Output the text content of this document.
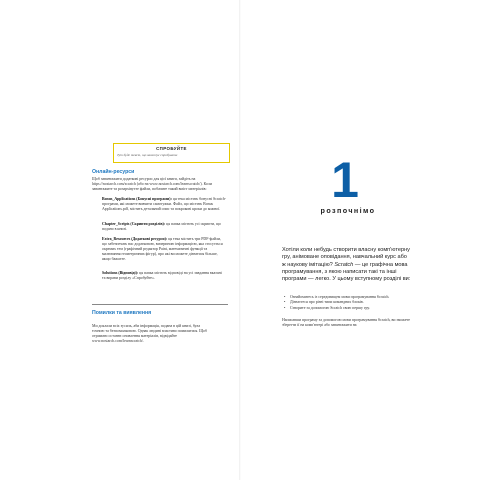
СПРОБУЙТЕ
Тут буде текст, що заохочує спробувати
Онлайн-ресурси

Щоб завантажити додаткові ресурси для цієї книги, зайдіть на https://nostarch.com/scratch (або на www.nostarch.com/learnscratch/). Коли завантажите та розархівуєте файли, побачите такий вміст матеріалів:

Bonus_Applications (Бонусні програми): ця тека містить бонусні Scratch-програми, які можете вивчити самотужки. Файл, що містить Bonus Applications.pdf, містить детальний опис та покрокові кроки до кожної.

Chapter_Scripts (Скрипти розділів): ця папка містить усі скрипти, що подано в книзі.

Extra_Resources (Додаткові ресурси): ця тека містить три PDF-файли, що забезпечать вас додатковою, вичерпною інформацією, яка стосується окремих тем (графічний редактор Paint, математичні функції та малювання геометричних фігур), про які ви можете дізнатися більше, якщо бажаєте.

Solutions (Відповіді): ця папка містить відповіді на усі завдання вказані та вправи розділу «Спробуйте».

Помилки та виявлення

Ми доклали всіх зусиль, аби інформація, подана в цій книзі, була точною та безпомилковою. Однак людині властиво помилятися. Щоб отримати останнє оновлення матеріалів, відвідайте www.nostarch.com/learnscratch/.

1
розпочнімо

Хотіли коли небудь створити власну комп'ютерну гру, анімоване оповідання, навчальний курс або ж наукову імітацію? Scratch — це графічна мова програмування, з якою написати такі та інші програми — легко. У цьому вступному розділі ви:

• Ознайомитесь із середовищем мови програмування Scratch.
• Дізнаєтеся про різні типи командних блоків.
• Створите за допомогою Scratch свою першу гру.

Написавши програму за допомогою мови програмування Scratch, ви зможете зберегти її на комп'ютері або завантажити на
